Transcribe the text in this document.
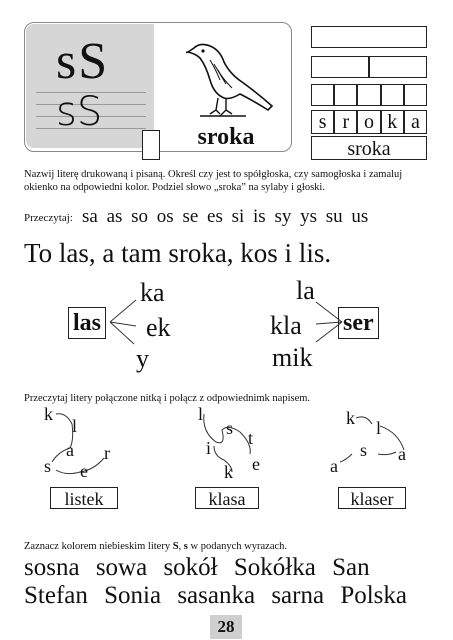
sS
ꜱS
sroka
s r o k a
sroka
Nazwij literę drukowaną i pisaną. Określ czy jest to spółgłoska, czy samogłoska i zamaluj okienko na odpowiedni kolor. Podziel słowo „sroka” na sylaby i głoski.
Przeczytaj: sa as so os se es si is sy ys su us
To las, a tam sroka, kos i lis.
ka
las ek
y
la
kla ser
mik
Przeczytaj litery połączone nitką i połącz z odpowiednimk napisem.
k
l
a r
s e
l
s t
i
e
k
k l
s
a
a
listek	klasa	klaser
Zaznacz kolorem niebieskim litery S, s w podanych wyrazach.
sosna sowa sokół Sokółka San
Stefan Sonia sasanka sarna Polska
28
